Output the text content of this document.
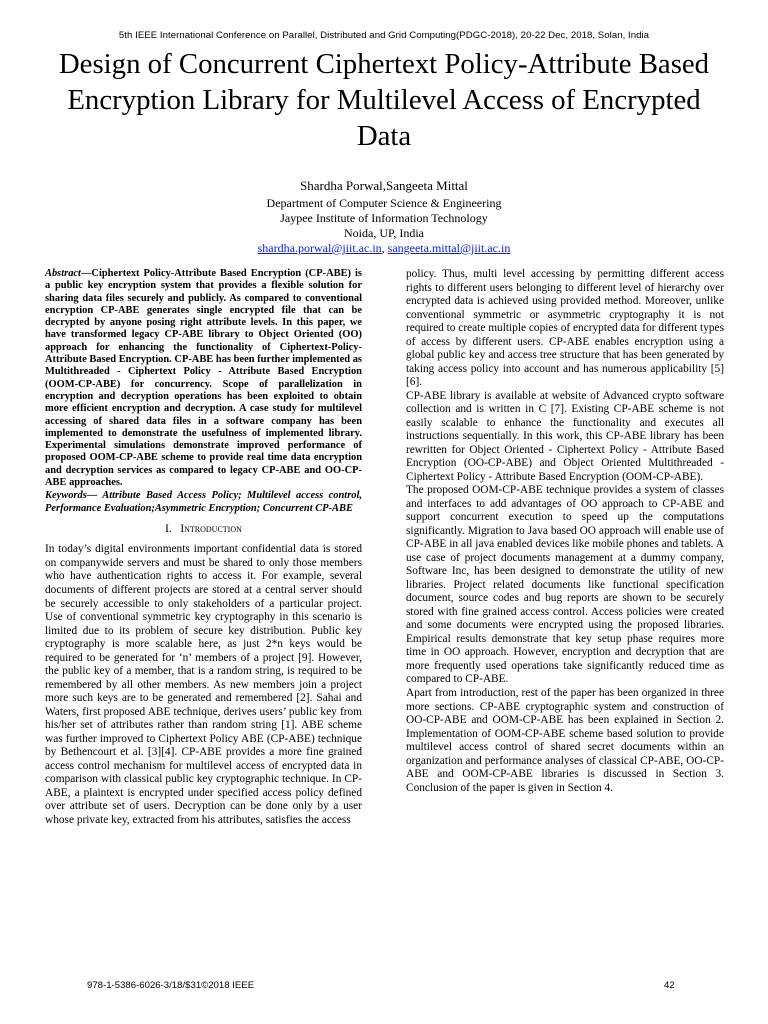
5th IEEE International Conference on Parallel, Distributed and Grid Computing(PDGC-2018), 20-22 Dec, 2018, Solan, India
Design of Concurrent Ciphertext Policy-Attribute Based Encryption Library for Multilevel Access of Encrypted Data
Shardha Porwal,Sangeeta Mittal
Department of Computer Science & Engineering
Jaypee Institute of Information Technology
Noida, UP, India
shardha.porwal@jiit.ac.in, sangeeta.mittal@jiit.ac.in

Abstract—Ciphertext Policy-Attribute Based Encryption (CP-ABE) is a public key encryption system that provides a flexible solution for sharing data files securely and publicly. As compared to conventional encryption CP-ABE generates single encrypted file that can be decrypted by anyone posing right attribute levels. In this paper, we have transformed legacy CP-ABE library to Object Oriented (OO) approach for enhancing the functionality of Ciphertext-Policy-Attribute Based Encryption. CP-ABE has been further implemented as Multithreaded - Ciphertext Policy - Attribute Based Encryption (OOM-CP-ABE) for concurrency. Scope of parallelization in encryption and decryption operations has been exploited to obtain more efficient encryption and decryption. A case study for multilevel accessing of shared data files in a software company has been implemented to demonstrate the usefulness of implemented library. Experimental simulations demonstrate improved performance of proposed OOM-CP-ABE scheme to provide real time data encryption and decryption services as compared to legacy CP-ABE and OO-CP-ABE approaches.

Keywords— Attribute Based Access Policy; Multilevel access control, Performance Evaluation;Asymmetric Encryption; Concurrent CP-ABE

I. Introduction

In today’s digital environments important confidential data is stored on companywide servers and must be shared to only those members who have authentication rights to access it. For example, several documents of different projects are stored at a central server should be securely accessible to only stakeholders of a particular project. Use of conventional symmetric key cryptography in this scenario is limited due to its problem of secure key distribution. Public key cryptography is more scalable here, as just 2*n keys would be required to be generated for ‘n’ members of a project [9]. However, the public key of a member, that is a random string, is required to be remembered by all other members. As new members join a project more such keys are to be generated and remembered [2]. Sahai and Waters, first proposed ABE technique, derives users’ public key from his/her set of attributes rather than random string [1]. ABE scheme was further improved to Ciphertext Policy ABE (CP-ABE) technique by Bethencourt et al. [3][4]. CP-ABE provides a more fine grained access control mechanism for multilevel access of encrypted data in comparison with classical public key cryptographic technique. In CP-ABE, a plaintext is encrypted under specified access policy defined over attribute set of users. Decryption can be done only by a user whose private key, extracted from his attributes, satisfies the access

policy. Thus, multi level accessing by permitting different access rights to different users belonging to different level of hierarchy over encrypted data is achieved using provided method. Moreover, unlike conventional symmetric or asymmetric cryptography it is not required to create multiple copies of encrypted data for different types of access by different users. CP-ABE enables encryption using a global public key and access tree structure that has been generated by taking access policy into account and has numerous applicability [5][6].

CP-ABE library is available at website of Advanced crypto software collection and is written in C [7]. Existing CP-ABE scheme is not easily scalable to enhance the functionality and executes all instructions sequentially. In this work, this CP-ABE library has been rewritten for Object Oriented - Ciphertext Policy - Attribute Based Encryption (OO-CP-ABE) and Object Oriented Multithreaded - Ciphertext Policy - Attribute Based Encryption (OOM-CP-ABE).

The proposed OOM-CP-ABE technique provides a system of classes and interfaces to add advantages of OO approach to CP-ABE and support concurrent execution to speed up the computations significantly. Migration to Java based OO approach will enable use of CP-ABE in all java enabled devices like mobile phones and tablets. A use case of project documents management at a dummy company, Software Inc, has been designed to demonstrate the utility of new libraries. Project related documents like functional specification document, source codes and bug reports are shown to be securely stored with fine grained access control. Access policies were created and some documents were encrypted using the proposed libraries. Empirical results demonstrate that key setup phase requires more time in OO approach. However, encryption and decryption that are more frequently used operations take significantly reduced time as compared to CP-ABE.

Apart from introduction, rest of the paper has been organized in three more sections. CP-ABE cryptographic system and construction of OO-CP-ABE and OOM-CP-ABE has been explained in Section 2. Implementation of OOM-CP-ABE scheme based solution to provide multilevel access control of shared secret documents within an organization and performance analyses of classical CP-ABE, OO-CP-ABE and OOM-CP-ABE libraries is discussed in Section 3. Conclusion of the paper is given in Section 4.

978-1-5386-6026-3/18/$31©2018 IEEE	42
